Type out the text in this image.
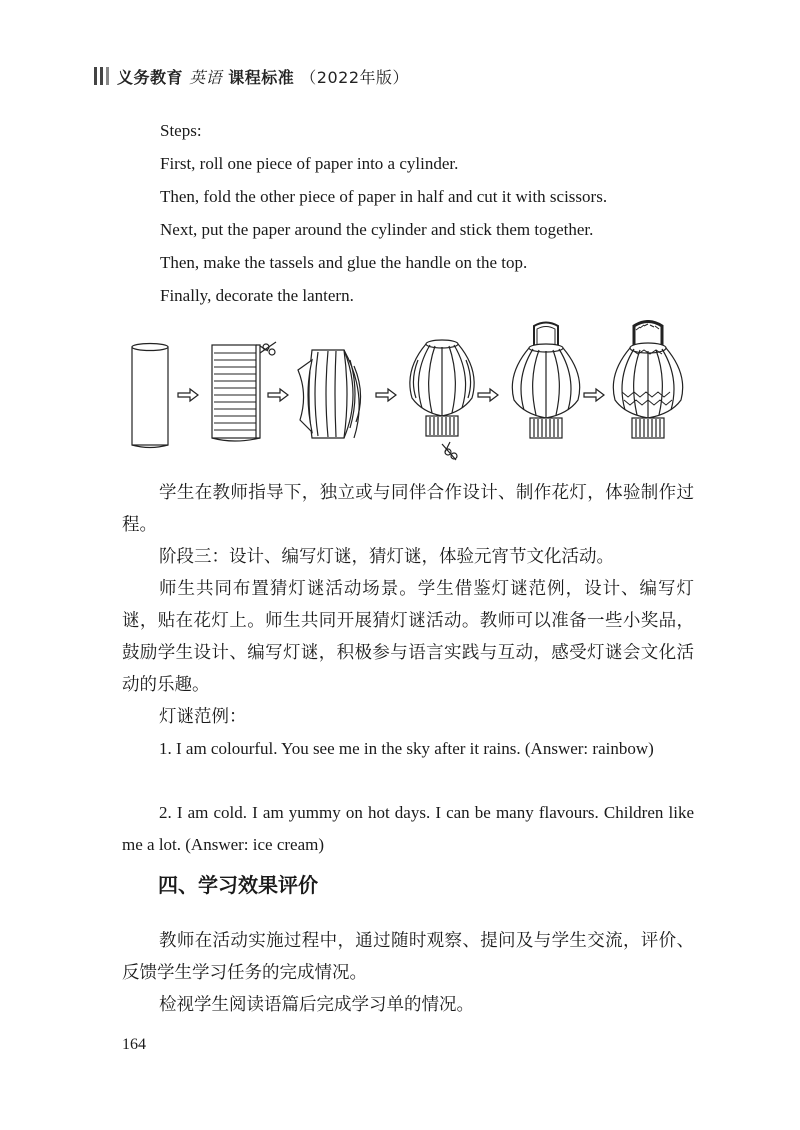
义务教育 英语 课程标准 （2022年版）
Steps:
First, roll one piece of paper into a cylinder.
Then, fold the other piece of paper in half and cut it with scissors.
Next, put the paper around the cylinder and stick them together.
Then, make the tassels and glue the handle on the top.
Finally, decorate the lantern.

学生在教师指导下，独立或与同伴合作设计、制作花灯，体验制作过程。

阶段三：设计、编写灯谜，猜灯谜，体验元宵节文化活动。

师生共同布置猜灯谜活动场景。学生借鉴灯谜范例，设计、编写灯谜，贴在花灯上。师生共同开展猜灯谜活动。教师可以准备一些小奖品，鼓励学生设计、编写灯谜，积极参与语言实践与互动，感受灯谜会文化活动的乐趣。

灯谜范例：

1. I am colourful. You see me in the sky after it rains. (Answer: rainbow)

2. I am cold. I am yummy on hot days. I can be many flavours. Children like me a lot. (Answer: ice cream)

四、学习效果评价

教师在活动实施过程中，通过随时观察、提问及与学生交流，评价、反馈学生学习任务的完成情况。

检视学生阅读语篇后完成学习单的情况。

164
